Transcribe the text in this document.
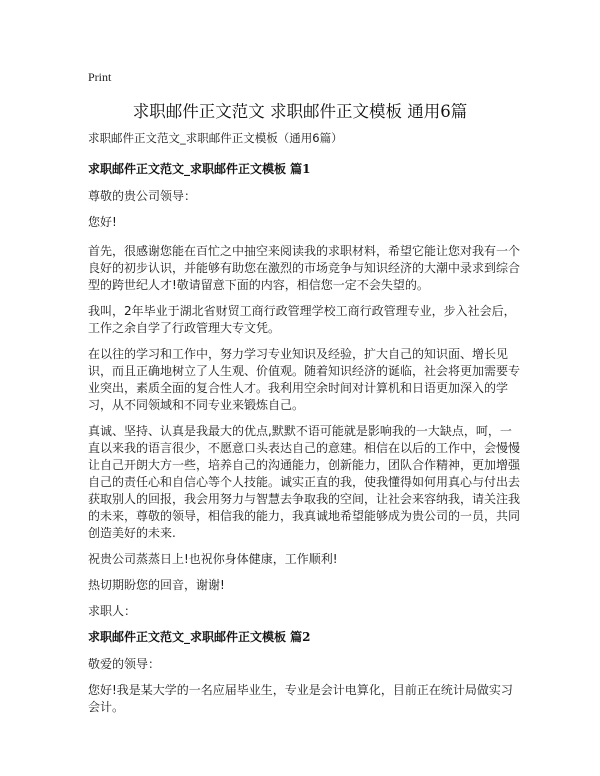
Print
求职邮件正文范文 求职邮件正文模板 通用6篇

求职邮件正文范文_求职邮件正文模板（通用6篇）

求职邮件正文范文_求职邮件正文模板 篇1

尊敬的贵公司领导：

您好!

首先，很感谢您能在百忙之中抽空来阅读我的求职材料，希望它能让您对我有一个良好的初步认识，并能够有助您在激烈的市场竞争与知识经济的大潮中录求到综合型的跨世纪人才!敬请留意下面的内容，相信您一定不会失望的。

我叫，2年毕业于湖北省财贸工商行政管理学校工商行政管理专业，步入社会后，工作之余自学了行政管理大专文凭。

在以往的学习和工作中，努力学习专业知识及经验，扩大自己的知识面、增长见识，而且正确地树立了人生观、价值观。随着知识经济的诞临，社会将更加需要专业突出，素质全面的复合性人才。我利用空余时间对计算机和日语更加深入的学习，从不同领域和不同专业来锻炼自己。

真诚、坚持、认真是我最大的优点,默默不语可能就是影响我的一大缺点，呵，一直以来我的语言很少，不愿意口头表达自己的意建。相信在以后的工作中，会慢慢让自己开朗大方一些，培养自己的沟通能力，创新能力，团队合作精神，更加增强自己的责任心和自信心等个人技能。诚实正直的我，使我懂得如何用真心与付出去获取别人的回报，我会用努力与智慧去争取我的空间，让社会来容纳我，请关注我的未来，尊敬的领导，相信我的能力，我真诚地希望能够成为贵公司的一员，共同创造美好的未来.

祝贵公司蒸蒸日上!也祝你身体健康，工作顺利!

热切期盼您的回音，谢谢!

求职人：

求职邮件正文范文_求职邮件正文模板 篇2

敬爱的领导：

您好!我是某大学的一名应届毕业生，专业是会计电算化，目前正在统计局做实习会计。
